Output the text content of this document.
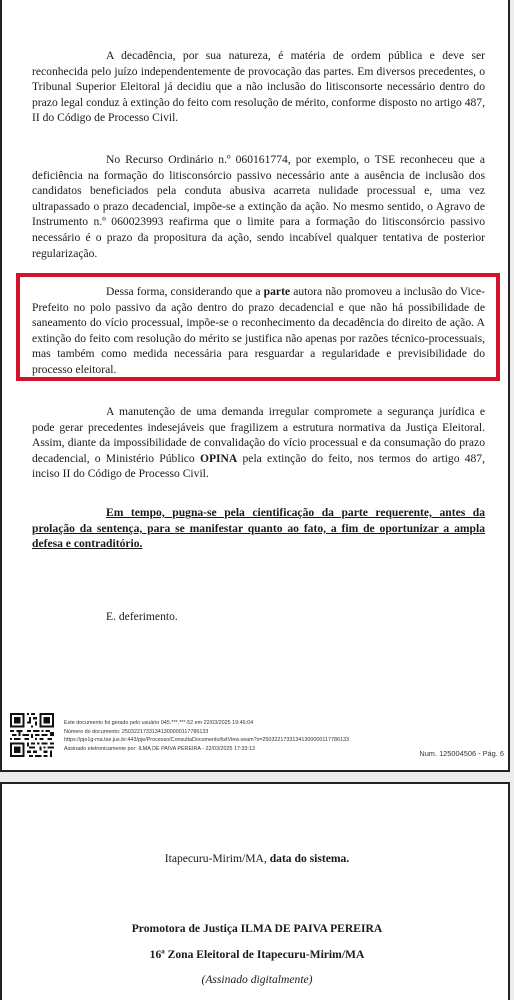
A decadência, por sua natureza, é matéria de ordem pública e deve ser reconhecida pelo juízo independentemente de provocação das partes. Em diversos precedentes, o Tribunal Superior Eleitoral já decidiu que a não inclusão do litisconsorte necessário dentro do prazo legal conduz à extinção do feito com resolução de mérito, conforme disposto no artigo 487, II do Código de Processo Civil.

No Recurso Ordinário n.º 060161774, por exemplo, o TSE reconheceu que a deficiência na formação do litisconsórcio passivo necessário ante a ausência de inclusão dos candidatos beneficiados pela conduta abusiva acarreta nulidade processual e, uma vez ultrapassado o prazo decadencial, impõe-se a extinção da ação. No mesmo sentido, o Agravo de Instrumento n.º 060023993 reafirma que o limite para a formação do litisconsórcio passivo necessário é o prazo da propositura da ação, sendo incabível qualquer tentativa de posterior regularização.

Dessa forma, considerando que a parte autora não promoveu a inclusão do Vice-Prefeito no polo passivo da ação dentro do prazo decadencial e que não há possibilidade de saneamento do vício processual, impõe-se o reconhecimento da decadência do direito de ação. A extinção do feito com resolução do mérito se justifica não apenas por razões técnico-processuais, mas também como medida necessária para resguardar a regularidade e previsibilidade do processo eleitoral.

A manutenção de uma demanda irregular compromete a segurança jurídica e pode gerar precedentes indesejáveis que fragilizem a estrutura normativa da Justiça Eleitoral. Assim, diante da impossibilidade de convalidação do vício processual e da consumação do prazo decadencial, o Ministério Público OPINA pela extinção do feito, nos termos do artigo 487, inciso II do Código de Processo Civil.

Em tempo, pugna-se pela cientificação da parte requerente, antes da prolação da sentença, para se manifestar quanto ao fato, a fim de oportunizar a ampla defesa e contraditório.

E. deferimento.

Este documento foi gerado pelo usuário 045.***.***-52 em 22/03/2025 19:46:04
Número do documento: 25032217331341300000117786133
https://pje1g-ma.tse.jus.br:443/pje/Processo/ConsultaDocumento/listView.seam?x=25032217331341300000117786133
Assinado eletronicamente por: ILMA DE PAIVA PEREIRA - 22/03/2025 17:33:13
Num. 125004506 - Pág. 6

Itapecuru-Mirim/MA, data do sistema.

Promotora de Justiça ILMA DE PAIVA PEREIRA

16ª Zona Eleitoral de Itapecuru-Mirim/MA

(Assinado digitalmente)
